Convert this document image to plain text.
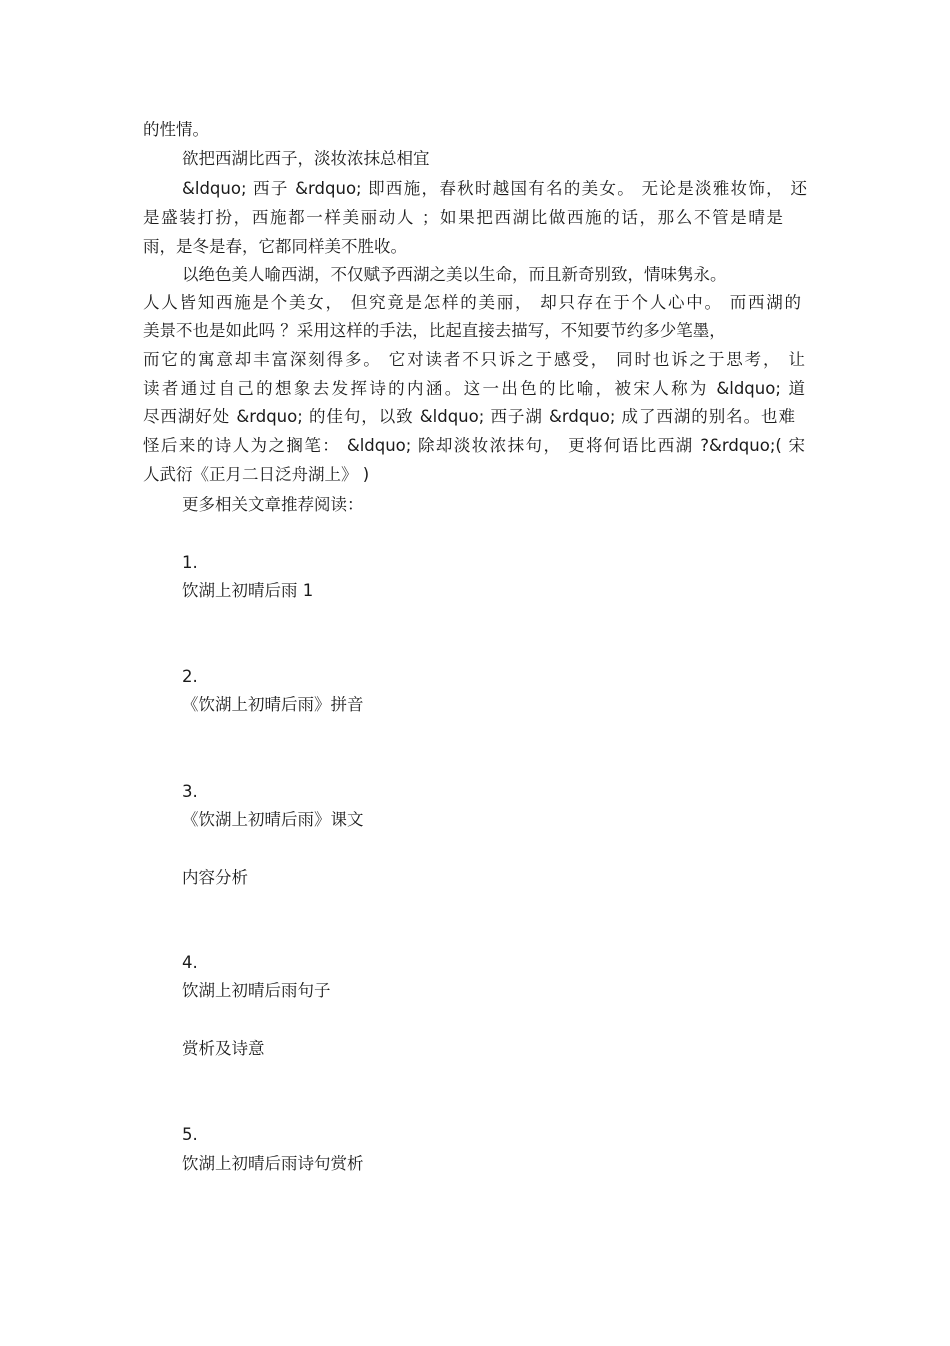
的性情。
欲把西湖比西子，淡妆浓抹总相宜
&ldquo; 西子 &rdquo; 即西施，春秋时越国有名的美女。 无论是淡雅妆饰， 还
是盛装打扮，西施都一样美丽动人 ；如果把西湖比做西施的话，那么不管是晴是
雨，是冬是春，它都同样美不胜收。
以绝色美人喻西湖，不仅赋予西湖之美以生命，而且新奇别致，情味隽永。
人人皆知西施是个美女， 但究竟是怎样的美丽， 却只存在于个人心中。 而西湖的
美景不也是如此吗 ？采用这样的手法，比起直接去描写，不知要节约多少笔墨，
而它的寓意却丰富深刻得多。 它对读者不只诉之于感受， 同时也诉之于思考， 让
读者通过自己的想象去发挥诗的内涵。这一出色的比喻，被宋人称为 &ldquo; 道
尽西湖好处 &rdquo; 的佳句，以致 &ldquo; 西子湖 &rdquo; 成了西湖的别名。也难
怪后来的诗人为之搁笔： &ldquo; 除却淡妆浓抹句， 更将何语比西湖 ?&rdquo;( 宋
人武衍《正月二日泛舟湖上》 )
更多相关文章推荐阅读：
1.
饮湖上初晴后雨 1
2.
《饮湖上初晴后雨》拼音
3.
《饮湖上初晴后雨》课文
内容分析
4.
饮湖上初晴后雨句子
赏析及诗意
5.
饮湖上初晴后雨诗句赏析
